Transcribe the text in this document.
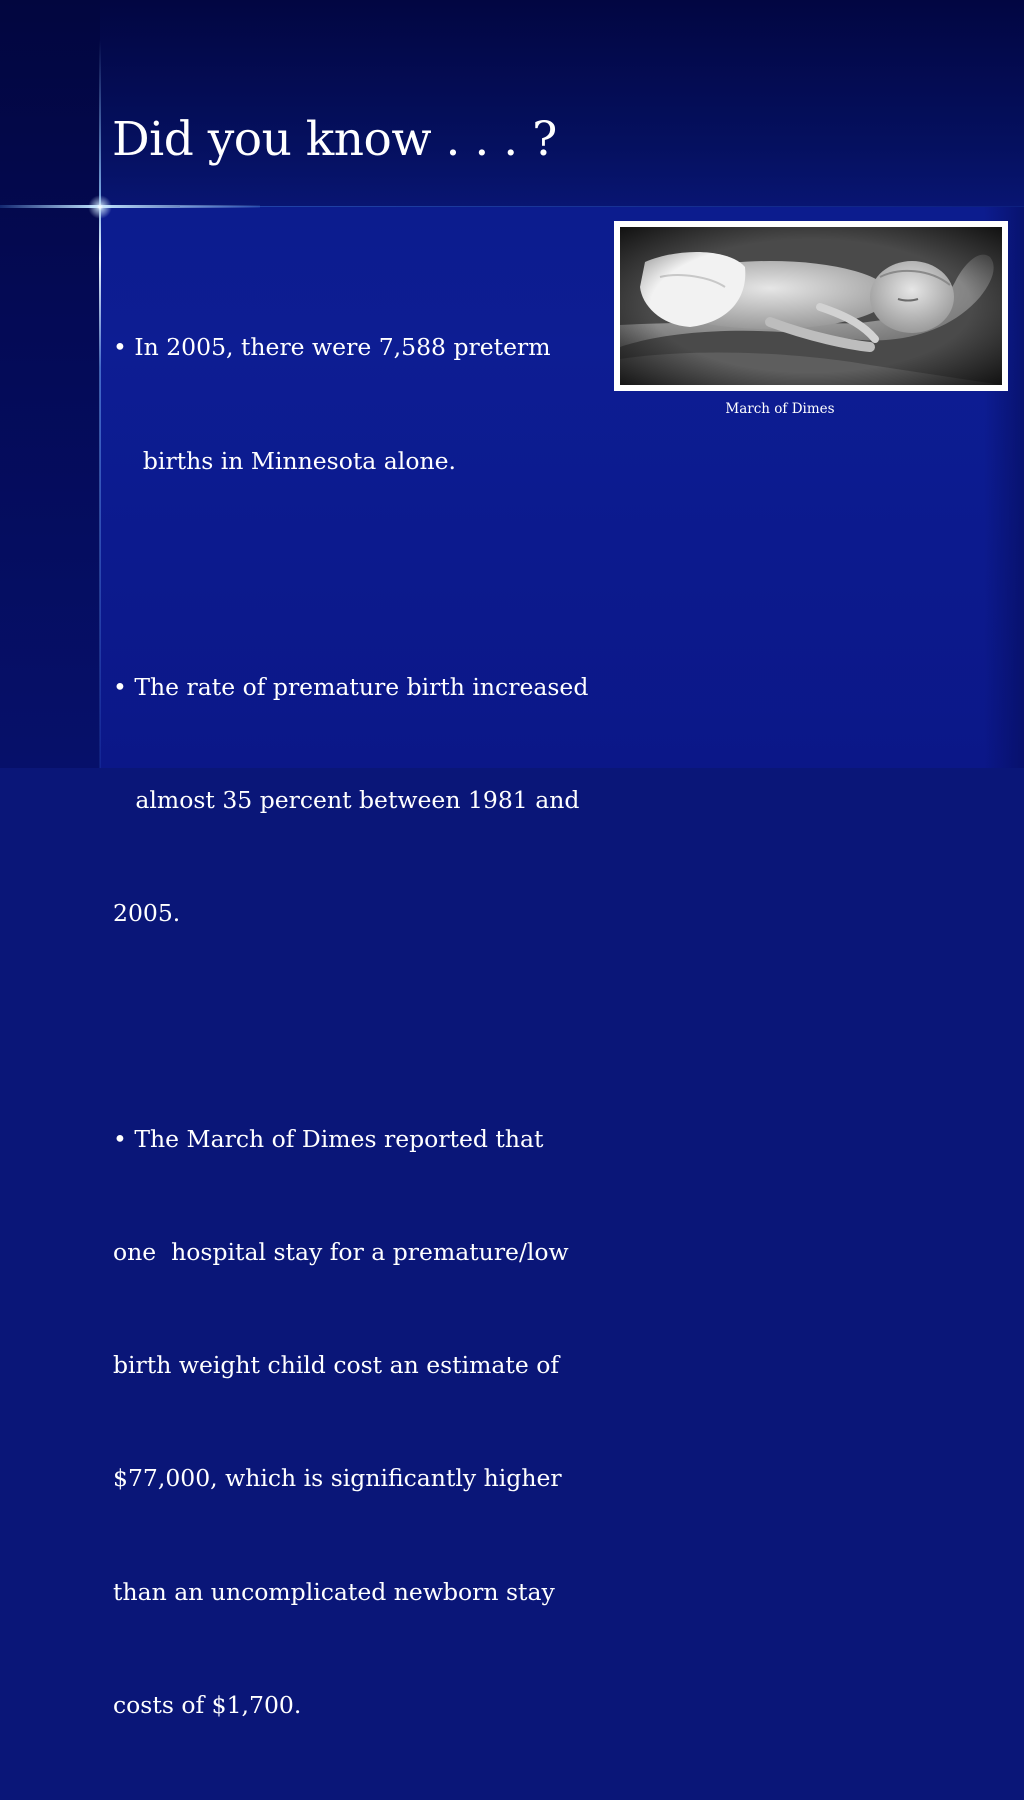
Did you know . . . ?

• In 2005, there were 7,588 preterm

births in Minnesota alone.

• The rate of premature birth increased

almost 35 percent between 1981 and

2005.

• The March of Dimes reported that

one  hospital stay for a premature/low

birth weight child cost an estimate of

$77,000, which is significantly higher

than an uncomplicated newborn stay

costs of $1,700.

March of Dimes
